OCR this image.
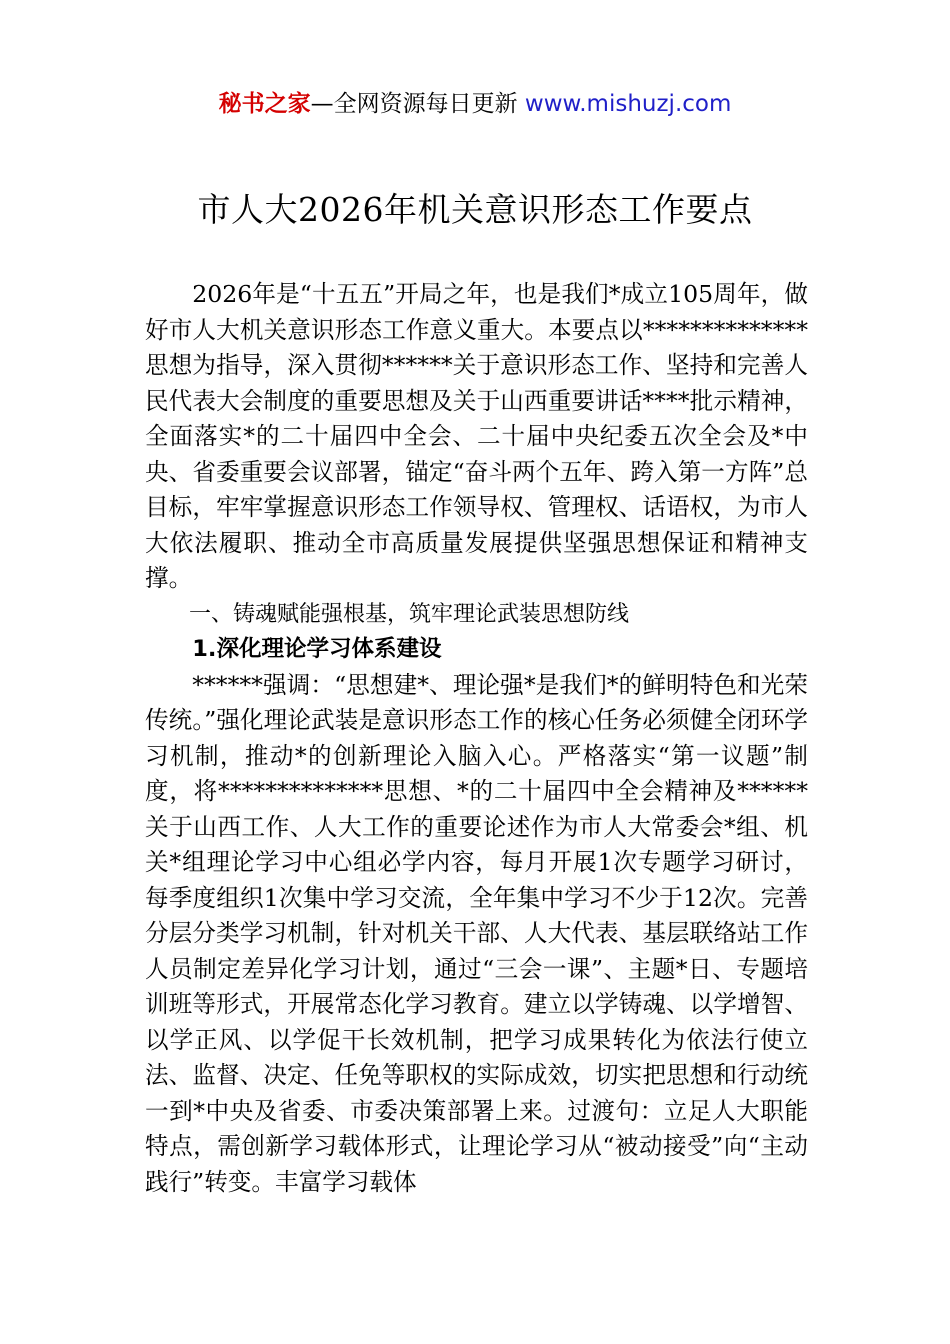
秘书之家—全网资源每日更新 www.mishuzj.com
市人大2026年机关意识形态工作要点

2026年是“十五五”开局之年，也是我们*成立105周年，做好市人大机关意识形态工作意义重大。本要点以**************思想为指导，深入贯彻******关于意识形态工作、坚持和完善人民代表大会制度的重要思想及关于山西重要讲话****批示精神，全面落实*的二十届四中全会、二十届中央纪委五次全会及*中央、省委重要会议部署，锚定“奋斗两个五年、跨入第一方阵”总目标，牢牢掌握意识形态工作领导权、管理权、话语权，为市人大依法履职、推动全市高质量发展提供坚强思想保证和精神支撑。

一、铸魂赋能强根基，筑牢理论武装思想防线

1.深化理论学习体系建设

******强调：“思想建*、理论强*是我们*的鲜明特色和光荣传统。”强化理论武装是意识形态工作的核心任务必须健全闭环学习机制，推动*的创新理论入脑入心。严格落实“第一议题”制度，将**************思想、*的二十届四中全会精神及******关于山西工作、人大工作的重要论述作为市人大常委会*组、机关*组理论学习中心组必学内容，每月开展1次专题学习研讨，每季度组织1次集中学习交流，全年集中学习不少于12次。完善分层分类学习机制，针对机关干部、人大代表、基层联络站工作人员制定差异化学习计划，通过“三会一课”、主题*日、专题培训班等形式，开展常态化学习教育。建立以学铸魂、以学增智、以学正风、以学促干长效机制，把学习成果转化为依法行使立法、监督、决定、任免等职权的实际成效，切实把思想和行动统一到*中央及省委、市委决策部署上来。过渡句：立足人大职能特点，需创新学习载体形式，让理论学习从“被动接受”向“主动践行”转变。丰富学习载体
